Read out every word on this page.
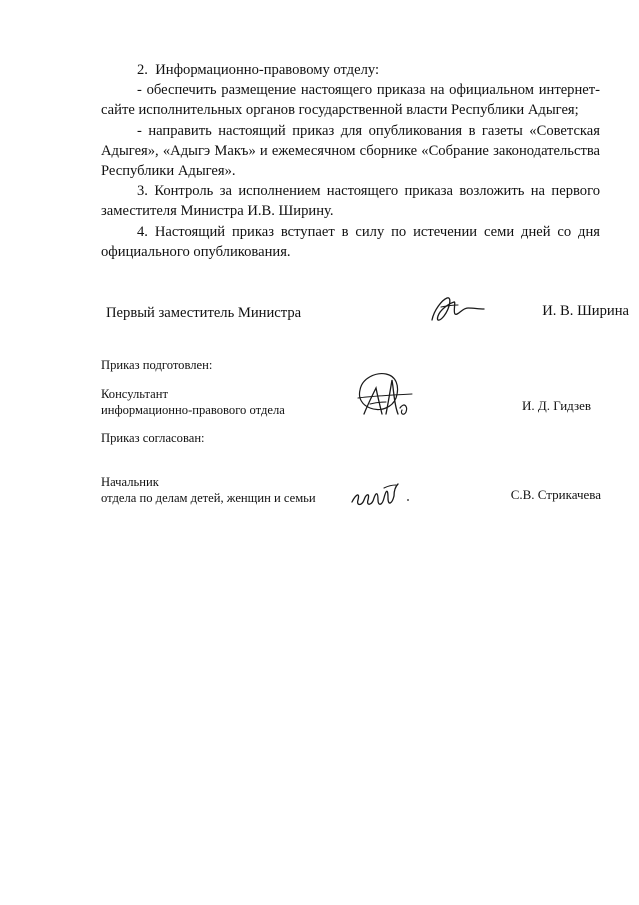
2.  Информационно-правовому отделу:

- обеспечить размещение настоящего приказа на официальном интернет-сайте исполнительных органов государственной власти Республики Адыгея;

- направить настоящий приказ для опубликования в газеты «Советская Адыгея», «Адыгэ Макъ» и ежемесячном сборнике «Собрание законодательства Республики Адыгея».

3. Контроль за исполнением настоящего приказа возложить на первого заместителя Министра И.В. Ширину.

4. Настоящий приказ вступает в силу по истечении семи дней со дня официального опубликования.

Первый заместитель Министра	И. В. Ширина
Приказ подготовлен:
Консультант
информационно-правового отдела	И. Д. Гидзев
Приказ согласован:
Начальник
отдела по делам детей, женщин и семьи	С.В. Стрикачева
